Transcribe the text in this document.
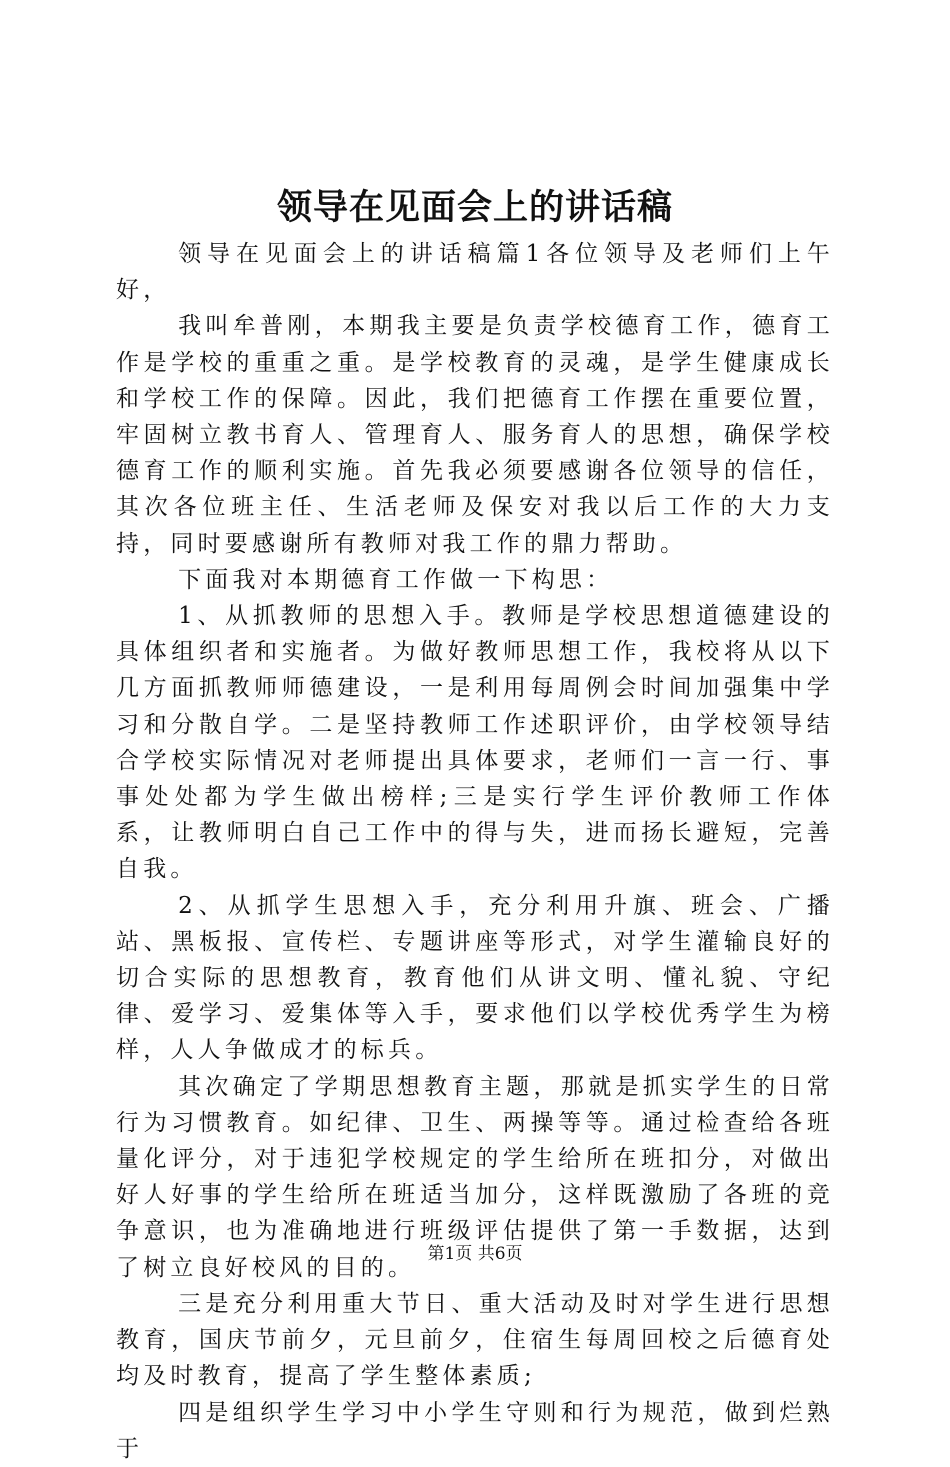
领导在见面会上的讲话稿

领导在见面会上的讲话稿篇1各位领导及老师们上午好，

我叫牟普刚，本期我主要是负责学校德育工作，德育工作是学校的重重之重。是学校教育的灵魂，是学生健康成长和学校工作的保障。因此，我们把德育工作摆在重要位置，牢固树立教书育人、管理育人、服务育人的思想，确保学校德育工作的顺利实施。首先我必须要感谢各位领导的信任，其次各位班主任、生活老师及保安对我以后工作的大力支持，同时要感谢所有教师对我工作的鼎力帮助。

下面我对本期德育工作做一下构思：

1、从抓教师的思想入手。教师是学校思想道德建设的具体组织者和实施者。为做好教师思想工作，我校将从以下几方面抓教师师德建设，一是利用每周例会时间加强集中学习和分散自学。二是坚持教师工作述职评价，由学校领导结合学校实际情况对老师提出具体要求，老师们一言一行、事事处处都为学生做出榜样;三是实行学生评价教师工作体系，让教师明白自己工作中的得与失，进而扬长避短，完善自我。

2、从抓学生思想入手，充分利用升旗、班会、广播站、黑板报、宣传栏、专题讲座等形式，对学生灌输良好的切合实际的思想教育，教育他们从讲文明、懂礼貌、守纪律、爱学习、爱集体等入手，要求他们以学校优秀学生为榜样，人人争做成才的标兵。

其次确定了学期思想教育主题，那就是抓实学生的日常行为习惯教育。如纪律、卫生、两操等等。通过检查给各班量化评分，对于违犯学校规定的学生给所在班扣分，对做出好人好事的学生给所在班适当加分，这样既激励了各班的竞争意识，也为准确地进行班级评估提供了第一手数据，达到了树立良好校风的目的。

三是充分利用重大节日、重大活动及时对学生进行思想教育，国庆节前夕，元旦前夕，住宿生每周回校之后德育处均及时教育，提高了学生整体素质;

四是组织学生学习中小学生守则和行为规范，做到烂熟于

第1页 共6页
